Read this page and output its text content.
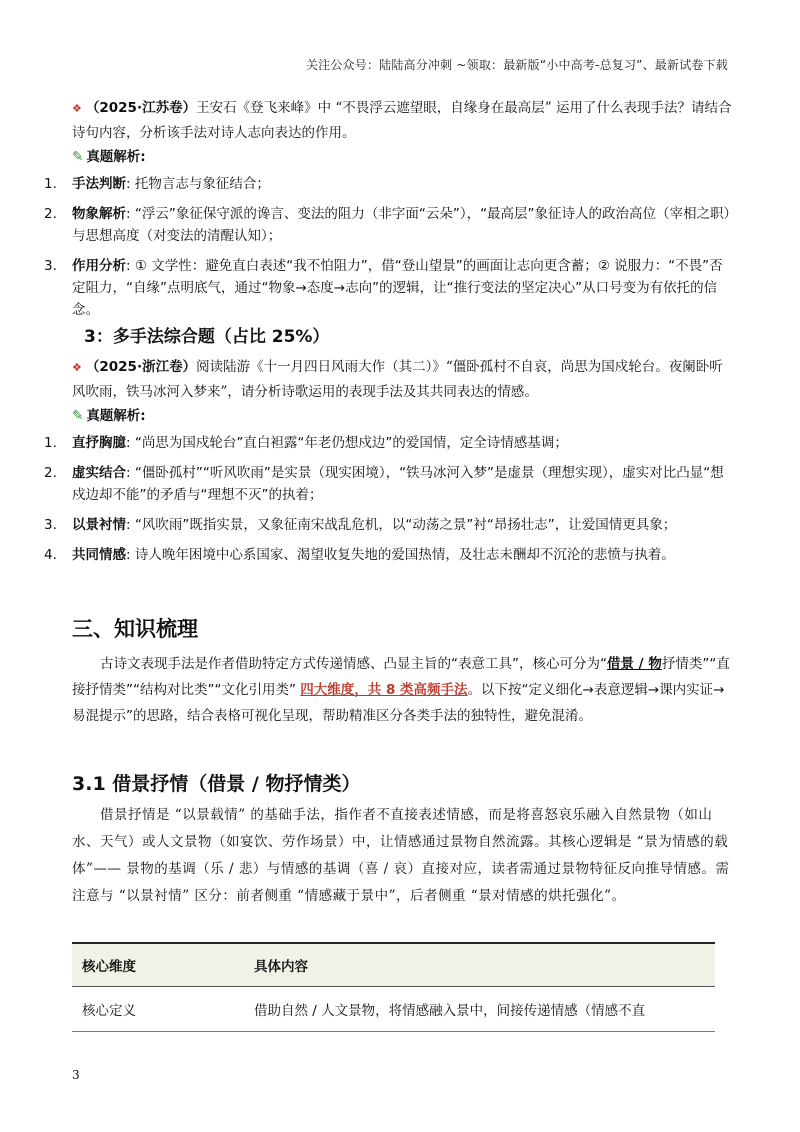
关注公众号：陆陆高分冲刺 ~领取：最新版“小中高考-总复习”、最新试卷下载
❖ （2025·江苏卷）王安石《登飞来峰》中 “不畏浮云遮望眼，自缘身在最高层” 运用了什么表现手法？请结合诗句内容，分析该手法对诗人志向表达的作用。
✎ 真题解析:
1. 手法判断: 托物言志与象征结合；
2. 物象解析: “浮云”象征保守派的谗言、变法的阻力（非字面“云朵”），“最高层”象征诗人的政治高位（宰相之职）与思想高度（对变法的清醒认知）；
3. 作用分析: ① 文学性：避免直白表述“我不怕阻力”，借“登山望景”的画面让志向更含蓄；② 说服力：“不畏”否定阻力，“自缘”点明底气，通过“物象→态度→志向”的逻辑，让“推行变法的坚定决心”从口号变为有依托的信念。
3：多手法综合题（占比 25%）
❖ （2025·浙江卷）阅读陆游《十一月四日风雨大作（其二）》“僵卧孤村不自哀，尚思为国戍轮台。夜阑卧听风吹雨，铁马冰河入梦来”，请分析诗歌运用的表现手法及其共同表达的情感。
✎ 真题解析:
1. 直抒胸臆: “尚思为国戍轮台”直白袒露“年老仍想戍边”的爱国情，定全诗情感基调；
2. 虚实结合: “僵卧孤村”“听风吹雨”是实景（现实困境），“铁马冰河入梦”是虚景（理想实现），虚实对比凸显“想戍边却不能”的矛盾与“理想不灭”的执着；
3. 以景衬情: “风吹雨”既指实景，又象征南宋战乱危机，以“动荡之景”衬“昂扬壮志”，让爱国情更具象；
4. 共同情感: 诗人晚年困境中心系国家、渴望收复失地的爱国热情，及壮志未酬却不沉沦的悲愤与执着。
三、知识梳理
古诗文表现手法是作者借助特定方式传递情感、凸显主旨的“表意工具”，核心可分为“借景 / 物抒情类”“直接抒情类”“结构对比类”“文化引用类” 四大维度，共 8 类高频手法。以下按“定义细化→表意逻辑→课内实证→易混提示”的思路，结合表格可视化呈现，帮助精准区分各类手法的独特性，避免混淆。
3.1 借景抒情（借景 / 物抒情类）
借景抒情是 “以景载情” 的基础手法，指作者不直接表述情感，而是将喜怒哀乐融入自然景物（如山水、天气）或人文景物（如宴饮、劳作场景）中，让情感通过景物自然流露。其核心逻辑是 “景为情感的载体”—— 景物的基调（乐 / 悲）与情感的基调（喜 / 哀）直接对应，读者需通过景物特征反向推导情感。需注意与 “以景衬情” 区分：前者侧重 “情感藏于景中”，后者侧重 “景对情感的烘托强化”。
核心维度	具体内容
核心定义	借助自然 / 人文景物，将情感融入景中，间接传递情感（情感不直
3
